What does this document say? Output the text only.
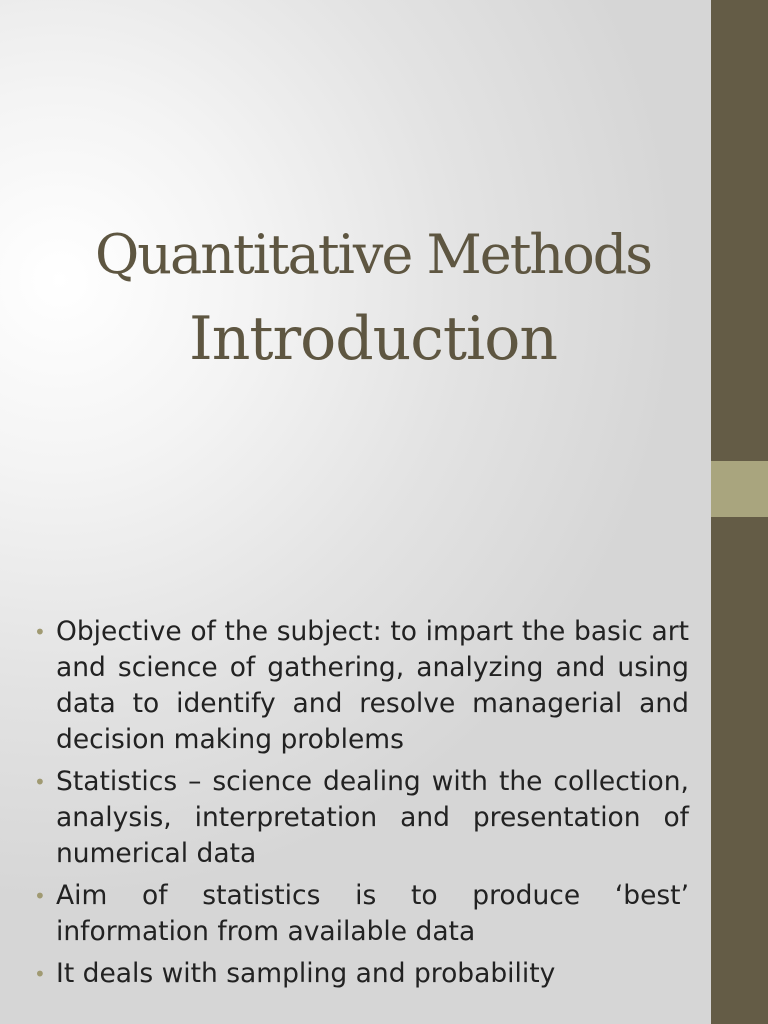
Quantitative Methods
Introduction
• Objective of the subject: to impart the basic art and science of gathering, analyzing and using data to identify and resolve managerial and decision making problems
• Statistics – science dealing with the collection, analysis, interpretation and presentation of numerical data
• Aim of statistics is to produce ‘best’ information from available data
• It deals with sampling and probability
